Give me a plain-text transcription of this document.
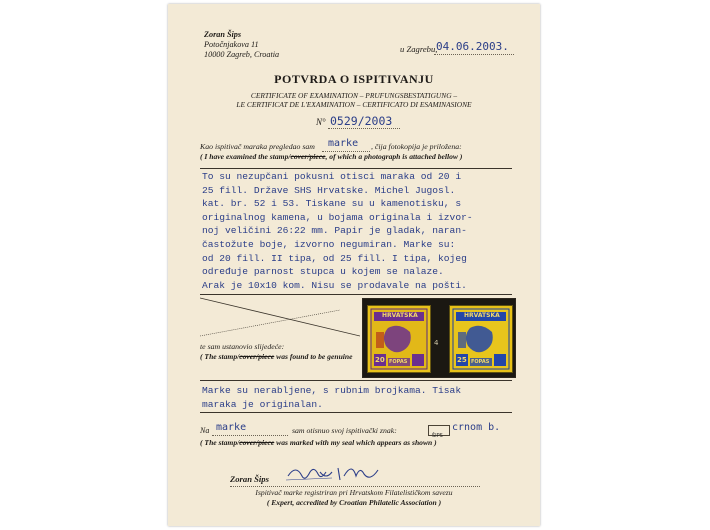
Zoran Šips
Potočnjakova 11
10000 Zagreb, Croatia
u Zagrebu,
04.06.2003.
POTVRDA O ISPITIVANJU
CERTIFICATE OF EXAMINATION – PRUFUNGSBESTATIGUNG –
LE CERTIFICAT DE L'EXAMINATION – CERTIFICATO DI ESAMINASIONE
N° 0529/2003
Kao ispitivač maraka pregledao sam marke , čija fotokopija je priložena:
( I have examined the stamp/cover/piece, of which a photograph is attached bellow )
To su nezupčani pokusni otisci maraka od 20 i
25 fill. Države SHS Hrvatske. Michel Jugosl.
kat. br. 52 i 53. Tiskane su u kamenotisku, s
originalnog kamena, u bojama originala i izvor-
noj veličini 26:22 mm. Papir je gladak, naran-
častožute boje, izvorno negumiran. Marke su:
od 20 fill. II tipa, od 25 fill. I tipa, kojeg
određuje parnost stupca u kojem se nalaze.
Arak je 10x10 kom. Nisu se prodavale na pošti.
HRVATSKA
20 FOPAS
4
HRVATSKA
25 FOPAS
te sam ustanovio slijedeće:
( The stamp/cover/piece was found to be genuine
Marke su nerabljene, s rubnim brojkama. Tisak
maraka je originalan.
Na marke	sam otisnuo svoj ispitivački znak:
ŠIPS
crnom b.
( The stamp/cover/piece was marked with my seal which appears as shown )
Zoran Šips
Ispitivač marke registriran pri Hrvatskom Filatelističkom savezu
( Expert, accredited by Croatian Philatelic Association )
